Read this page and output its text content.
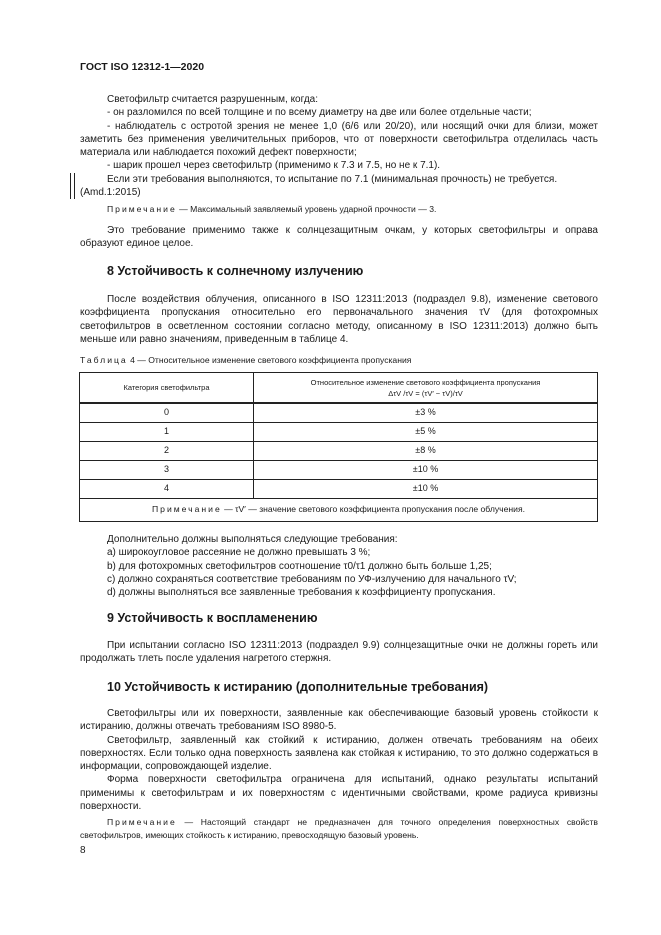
ГОСТ ISO 12312-1—2020

Светофильтр считается разрушенным, когда:

- он разломился по всей толщине и по всему диаметру на две или более отдельные части;

- наблюдатель с остротой зрения не менее 1,0 (6/6 или 20/20), или носящий очки для близи, может заметить без применения увеличительных приборов, что от поверхности светофильтра отделилась часть материала или наблюдается похожий дефект поверхности;

- шарик прошел через светофильтр (применимо к 7.3 и 7.5, но не к 7.1).

Если эти требования выполняются, то испытание по 7.1 (минимальная прочность) не требуется.

(Amd.1:2015)

Примечание — Максимальный заявляемый уровень ударной прочности — 3.

Это требование применимо также к солнцезащитным очкам, у которых светофильтры и оправа образуют единое целое.

8 Устойчивость к солнечному излучению

После воздействия облучения, описанного в ISO 12311:2013 (подраздел 9.8), изменение светового коэффициента пропускания относительно его первоначального значения τV (для фотохромных светофильтров в осветленном состоянии согласно методу, описанному в ISO 12311:2013) должно быть меньше или равно значениям, приведенным в таблице 4.

Таблица 4 — Относительное изменение светового коэффициента пропускания
Категория светофильтра	Относительное изменение светового коэффициента пропускания
ΔτV /τV = (τV′ − τV)/τV

0	±3 %
1	±5 %
2	±8 %
3	±10 %
4	±10 %
Примечание — τV′ — значение светового коэффициента пропускания после облучения.	

Дополнительно должны выполняться следующие требования:

a) широкоугловое рассеяние не должно превышать 3 %;

b) для фотохромных светофильтров соотношение τ0/τ1 должно быть больше 1,25;

c) должно сохраняться соответствие требованиям по УФ-излучению для начального τV;

d) должны выполняться все заявленные требования к коэффициенту пропускания.

9 Устойчивость к воспламенению

При испытании согласно ISO 12311:2013 (подраздел 9.9) солнцезащитные очки не должны гореть или продолжать тлеть после удаления нагретого стержня.

10 Устойчивость к истиранию (дополнительные требования)

Светофильтры или их поверхности, заявленные как обеспечивающие базовый уровень стойкости к истиранию, должны отвечать требованиям ISO 8980-5.

Светофильтр, заявленный как стойкий к истиранию, должен отвечать требованиям на обеих поверхностях. Если только одна поверхность заявлена как стойкая к истиранию, то это должно содержаться в информации, сопровождающей изделие.

Форма поверхности светофильтра ограничена для испытаний, однако результаты испытаний применимы к светофильтрам и их поверхностям с идентичными свойствами, кроме радиуса кривизны поверхности.

Примечание — Настоящий стандарт не предназначен для точного определения поверхностных свойств светофильтров, имеющих стойкость к истиранию, превосходящую базовый уровень.

8
